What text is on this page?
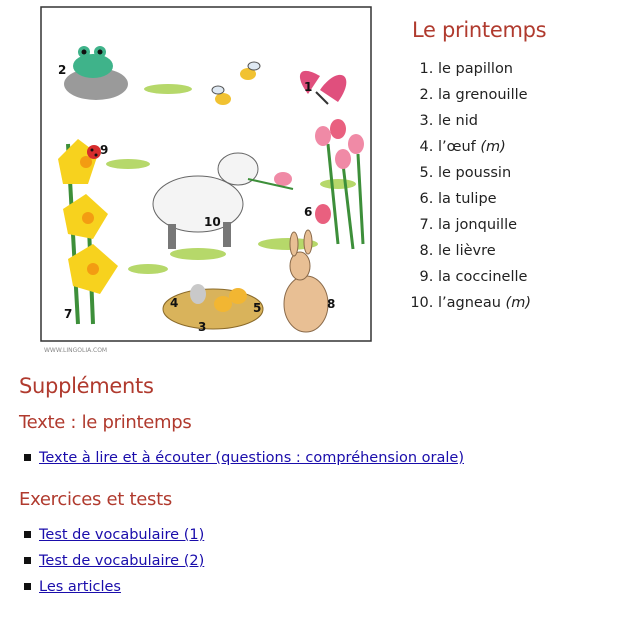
1
2
3
4	5
6
7
8
9
10
WWW.LINGOLIA.COM
Le printemps
1. le papillon
2. la grenouille
3. le nid
4. l’œuf (m)
5. le poussin
6. la tulipe
7. la jonquille
8. le lièvre
9. la coccinelle
10. l’agneau (m)
Suppléments
Texte : le printemps
Texte à lire et à écouter (questions : compréhension orale)
Exercices et tests
Test de vocabulaire (1)
Test de vocabulaire (2)
Les articles
